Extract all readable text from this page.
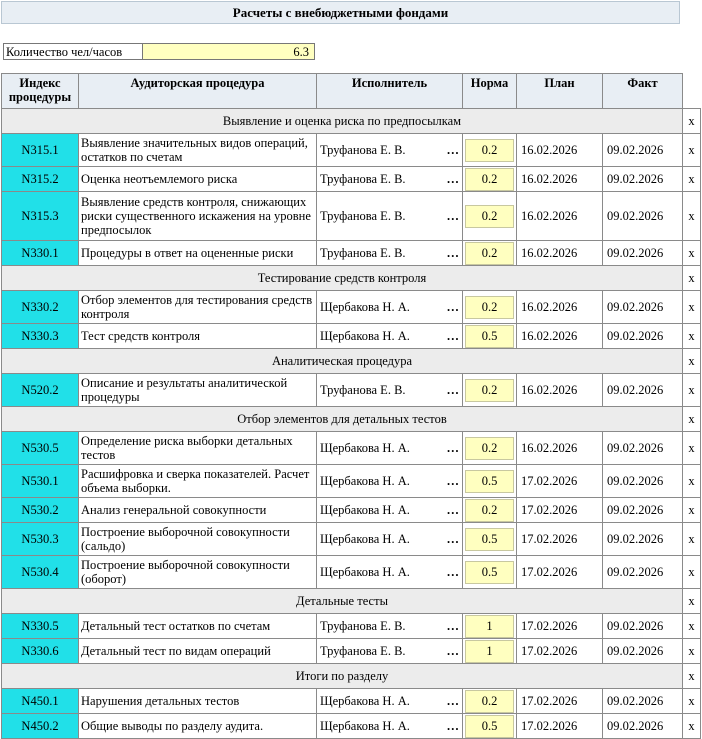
Расчеты с внебюджетными фондами
Количество чел/часов	6.3
Индекс процедуры	Аудиторская процедура	Исполнитель	Норма	План	Факт	
Выявление и оценка риска по предпосылкам						x
N315.1	Выявление значительных видов операций, остатков по счетам	Труфанова Е. В. …	0.2	16.02.2026	09.02.2026	x
N315.2	Оценка неотъемлемого риска	Труфанова Е. В. …	0.2	16.02.2026	09.02.2026	x
N315.3	Выявление средств контроля, снижающих риски существенного искажения на уровне предпосылок	Труфанова Е. В. …	0.2	16.02.2026	09.02.2026	x
N330.1	Процедуры в ответ на оцененные риски	Труфанова Е. В. …	0.2	16.02.2026	09.02.2026	x
Тестирование средств контроля						x
N330.2	Отбор элементов для тестирования средств контроля	Щербакова Н. А. …	0.2	16.02.2026	09.02.2026	x
N330.3	Тест средств контроля	Щербакова Н. А. …	0.5	16.02.2026	09.02.2026	x
Аналитическая процедура						x
N520.2	Описание и результаты аналитической процедуры	Труфанова Е. В. …	0.2	16.02.2026	09.02.2026	x
Отбор элементов для детальных тестов						x
N530.5	Определение риска выборки детальных тестов	Щербакова Н. А. …	0.2	16.02.2026	09.02.2026	x
N530.1	Расшифровка и сверка показателей. Расчет объема выборки.	Щербакова Н. А. …	0.5	17.02.2026	09.02.2026	x
N530.2	Анализ генеральной совокупности	Щербакова Н. А. …	0.2	17.02.2026	09.02.2026	x
N530.3	Построение выборочной совокупности (сальдо)	Щербакова Н. А. …	0.5	17.02.2026	09.02.2026	x
N530.4	Построение выборочной совокупности (оборот)	Щербакова Н. А. …	0.5	17.02.2026	09.02.2026	x
Детальные тесты						x
N330.5	Детальный тест остатков по счетам	Труфанова Е. В. …	1	17.02.2026	09.02.2026	x
N330.6	Детальный тест по видам операций	Труфанова Е. В. …	1	17.02.2026	09.02.2026	x
Итоги по разделу						x
N450.1	Нарушения детальных тестов	Щербакова Н. А. …	0.2	17.02.2026	09.02.2026	x
N450.2	Общие выводы по разделу аудита.	Щербакова Н. А. …	0.5	17.02.2026	09.02.2026	x
